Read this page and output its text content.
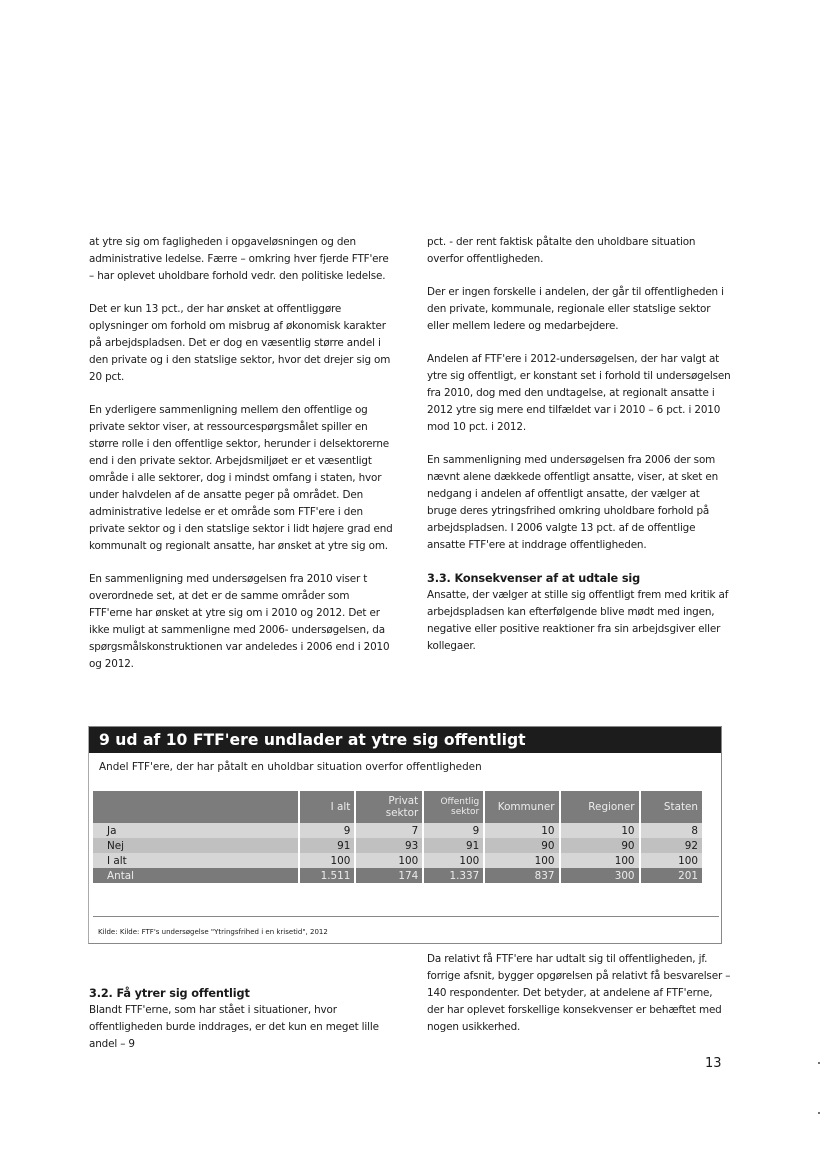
at ytre sig om fagligheden i opgaveløsningen og den administrative ledelse. Færre – omkring hver fjerde FTF'ere – har oplevet uholdbare forhold vedr. den politiske ledelse.

Det er kun 13 pct., der har ønsket at offentliggøre oplysninger om forhold om misbrug af økonomisk karakter på arbejdspladsen. Det er dog en væsentlig større andel i den private og i den statslige sektor, hvor det drejer sig om 20 pct.

En yderligere sammenligning mellem den offentlige og private sektor viser, at ressourcespørgsmålet spiller en større rolle i den offentlige sektor, herunder i delsektorerne end i den private sektor. Arbejdsmiljøet er et væsentligt område i alle sektorer, dog i mindst omfang i staten, hvor under halvdelen af de ansatte peger på området. Den administrative ledelse er et område som FTF'ere i den private sektor og i den statslige sektor i lidt højere grad end kommunalt og regionalt ansatte, har ønsket at ytre sig om.

En sammenligning med undersøgelsen fra 2010 viser t overordnede set, at det er de samme områder som FTF'erne har ønsket at ytre sig om i 2010 og 2012. Det er ikke muligt at sammenligne med 2006- undersøgelsen, da spørgsmålskonstruktionen var andeledes i 2006 end i 2010 og 2012.

pct. - der rent faktisk påtalte den uholdbare situation overfor offentligheden.

Der er ingen forskelle i andelen, der går til offentligheden i den private, kommunale, regionale eller statslige sektor eller mellem ledere og medarbejdere.

Andelen af FTF'ere i 2012-undersøgelsen, der har valgt at ytre sig offentligt, er konstant set i forhold til undersøgelsen fra 2010, dog med den undtagelse, at regionalt ansatte i 2012 ytre sig mere end tilfældet var i 2010 – 6 pct. i 2010 mod 10 pct. i 2012.

En sammenligning med undersøgelsen fra 2006 der som nævnt alene dækkede offentligt ansatte, viser, at sket en nedgang i andelen af offentligt ansatte, der vælger at bruge deres ytringsfrihed omkring uholdbare forhold på arbejdspladsen. I 2006 valgte 13 pct. af de offentlige ansatte FTF'ere at inddrage offentligheden.

3.3. Konsekvenser af at udtale sig

Ansatte, der vælger at stille sig offentligt frem med kritik af arbejdspladsen kan efterfølgende blive mødt med ingen, negative eller positive reaktioner fra sin arbejdsgiver eller kollegaer.

9 ud af 10 FTF'ere undlader at ytre sig offentligt
Andel FTF'ere, der har påtalt en uholdbar situation overfor offentligheden
	I alt	Privat sektor	Offentlig sektor	Kommuner	Regioner	Staten
Ja	9	7	9	10	10	8
Nej	91	93	91	90	90	92
I alt	100	100	100	100	100	100
Antal	1.511	174	1.337	837	300	201
Kilde: Kilde: FTF's undersøgelse "Ytringsfrihed i en krisetid", 2012
3.2. Få ytrer sig offentligt

Blandt FTF'erne, som har stået i situationer, hvor offentligheden burde inddrages, er det kun en meget lille andel – 9

Da relativt få FTF'ere har udtalt sig til offentligheden, jf. forrige afsnit, bygger opgørelsen på relativt få besvarelser – 140 respondenter. Det betyder, at andelene af FTF'erne, der har oplevet forskellige konsekvenser er behæftet med nogen usikkerhed.

13
